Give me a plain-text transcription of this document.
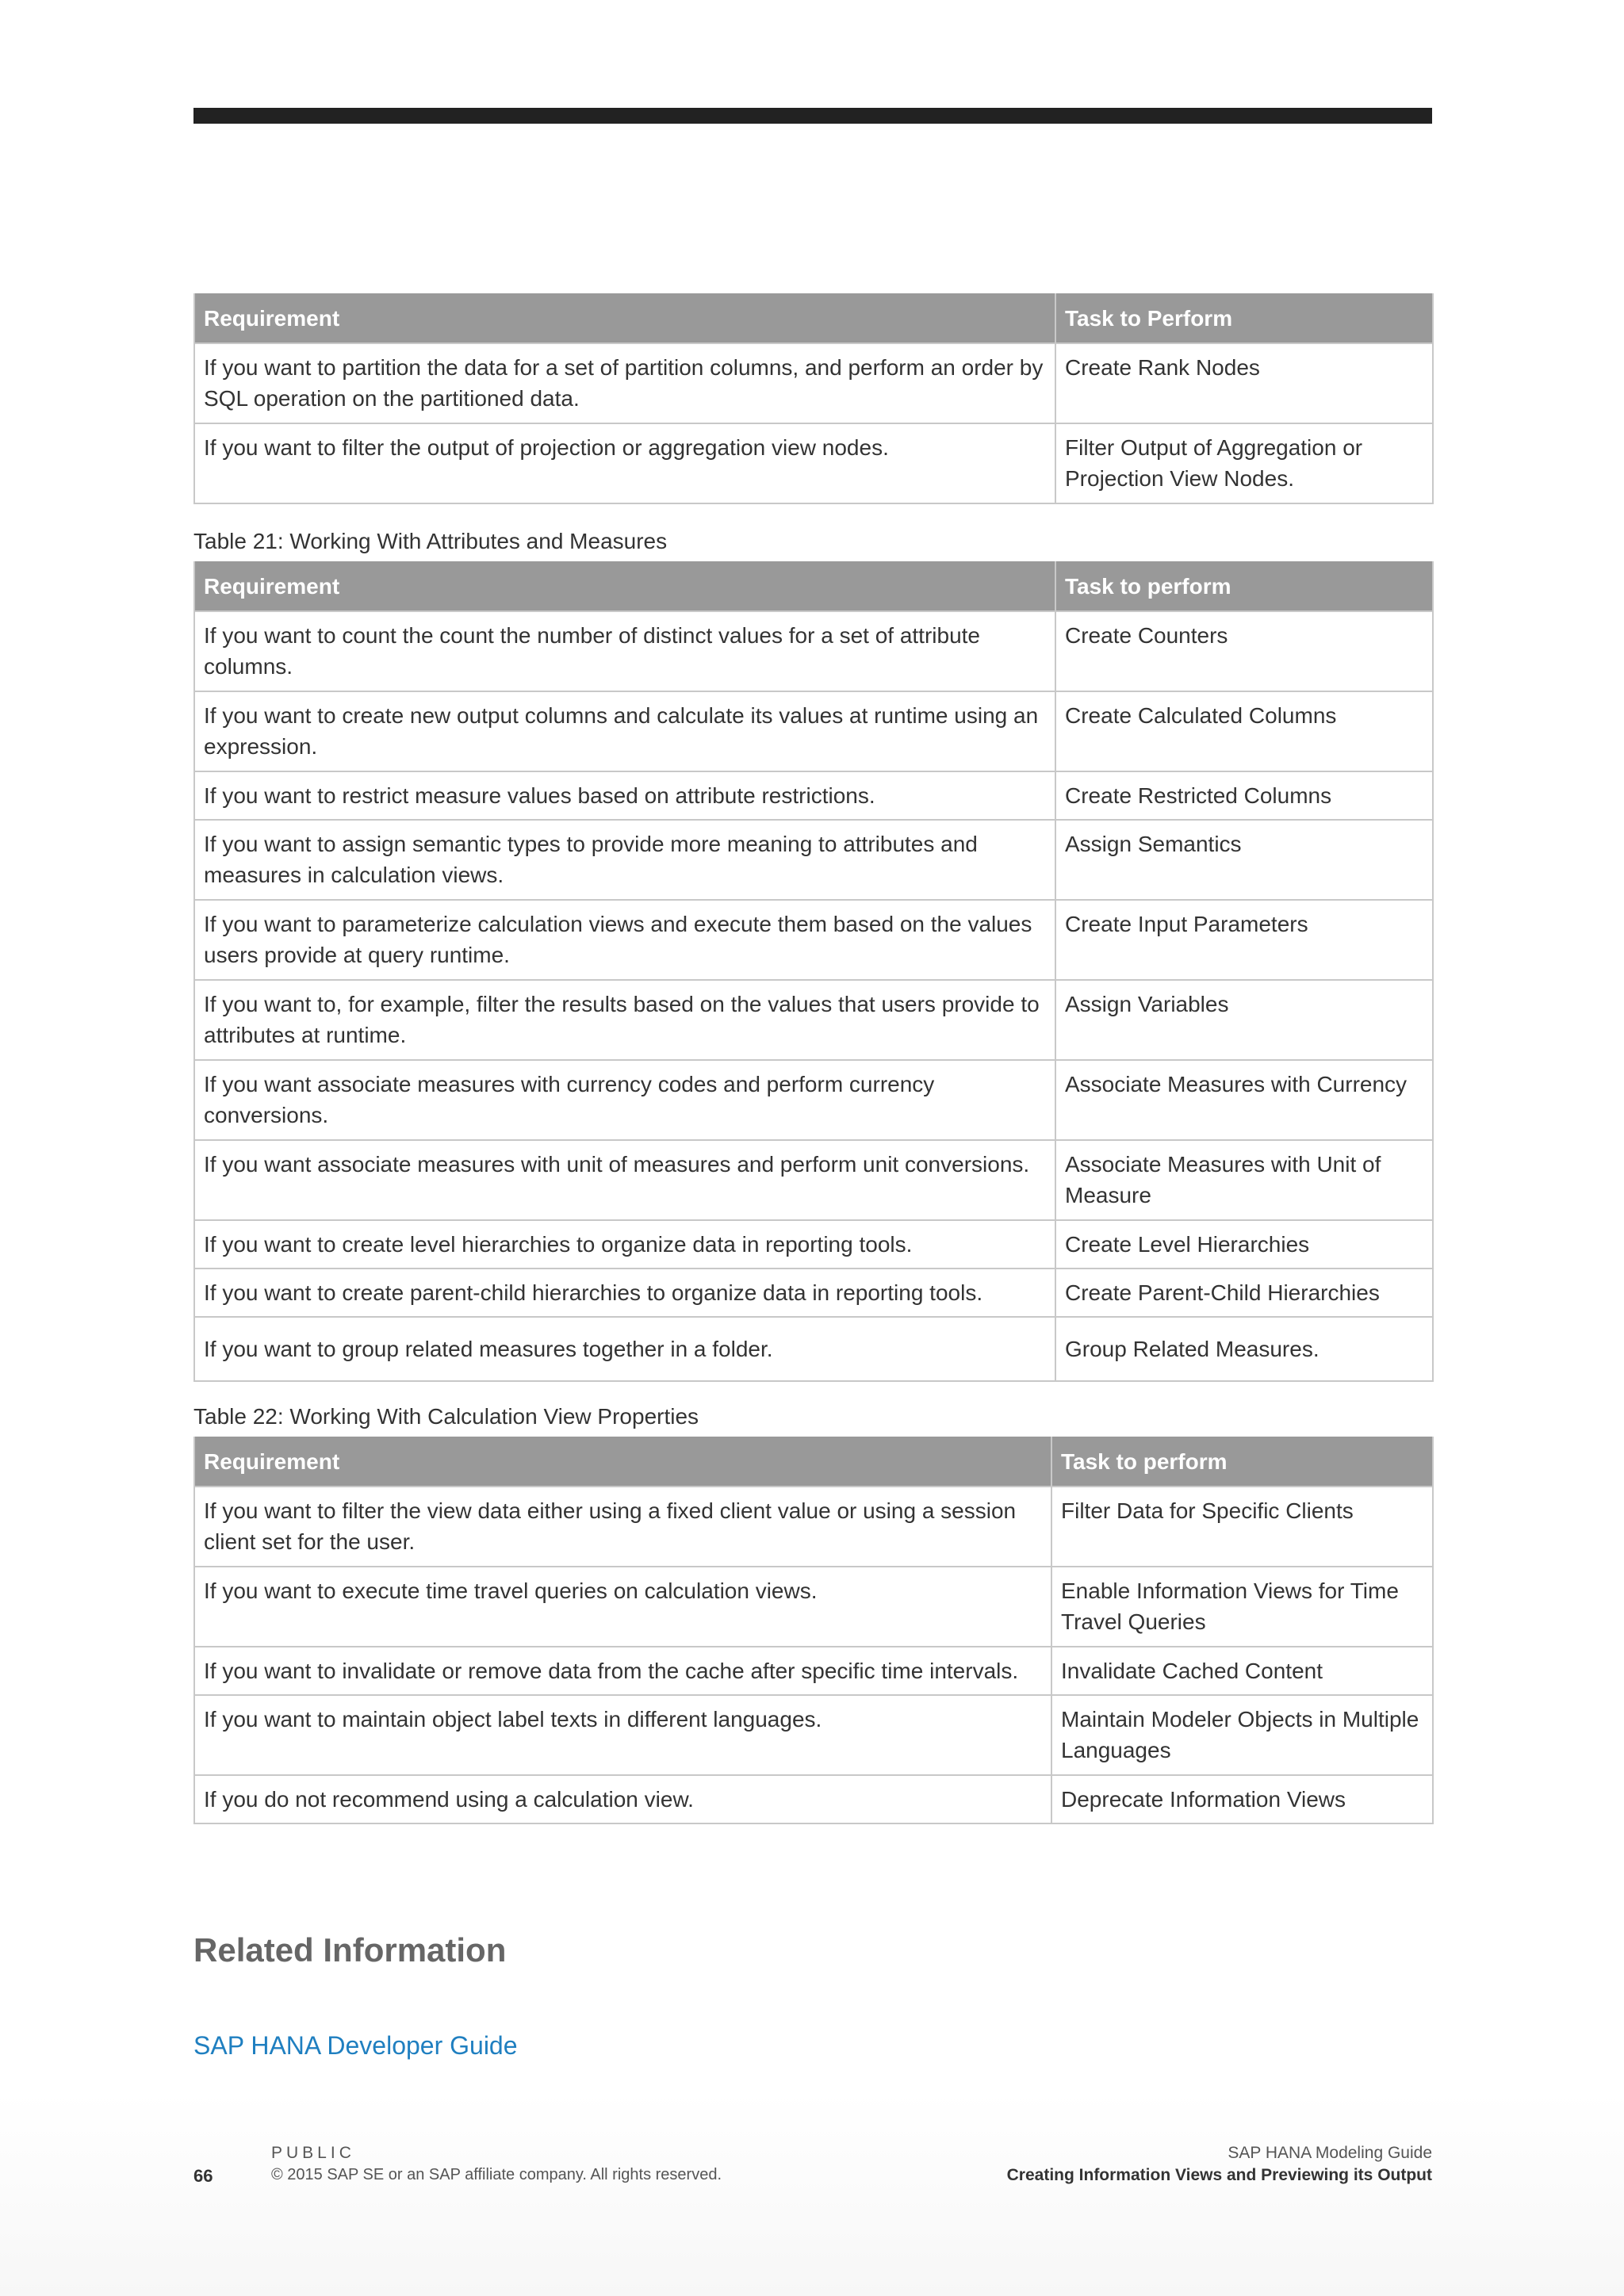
Requirement	Task to Perform
If you want to partition the data for a set of partition columns, and perform an order by SQL operation on the partitioned data.	Create Rank Nodes
If you want to filter the output of projection or aggregation view nodes.	Filter Output of Aggregation or Projection View Nodes.
Table 21: Working With Attributes and Measures
Requirement	Task to perform
If you want to count the count the number of distinct values for a set of attribute columns.	Create Counters
If you want to create new output columns and calculate its values at runtime using an expression.	Create Calculated Columns
If you want to restrict measure values based on attribute restrictions.	Create Restricted Columns
If you want to assign semantic types to provide more meaning to attributes and measures in calculation views.	Assign Semantics
If you want to parameterize calculation views and execute them based on the values users provide at query runtime.	Create Input Parameters
If you want to, for example, filter the results based on the values that users provide to attributes at runtime.	Assign Variables
If you want associate measures with currency codes and perform currency conversions.	Associate Measures with Currency
If you want associate measures with unit of measures and perform unit conversions.	Associate Measures with Unit of Measure
If you want to create level hierarchies to organize data in reporting tools.	Create Level Hierarchies
If you want to create parent-child hierarchies to organize data in reporting tools.	Create Parent-Child Hierarchies
If you want to group related measures together in a folder.	Group Related Measures.
Table 22: Working With Calculation View Properties
Requirement	Task to perform
If you want to filter the view data either using a fixed client value or using a session client set for the user.	Filter Data for Specific Clients
If you want to execute time travel queries on calculation views.	Enable Information Views for Time Travel Queries
If you want to invalidate or remove data from the cache after specific time intervals.	Invalidate Cached Content
If you want to maintain object label texts in different languages.	Maintain Modeler Objects in Multiple Languages
If you do not recommend using a calculation view.	Deprecate Information Views
Related Information
SAP HANA Developer Guide
66
PUBLIC
© 2015 SAP SE or an SAP affiliate company. All rights reserved.
SAP HANA Modeling Guide
Creating Information Views and Previewing its Output
